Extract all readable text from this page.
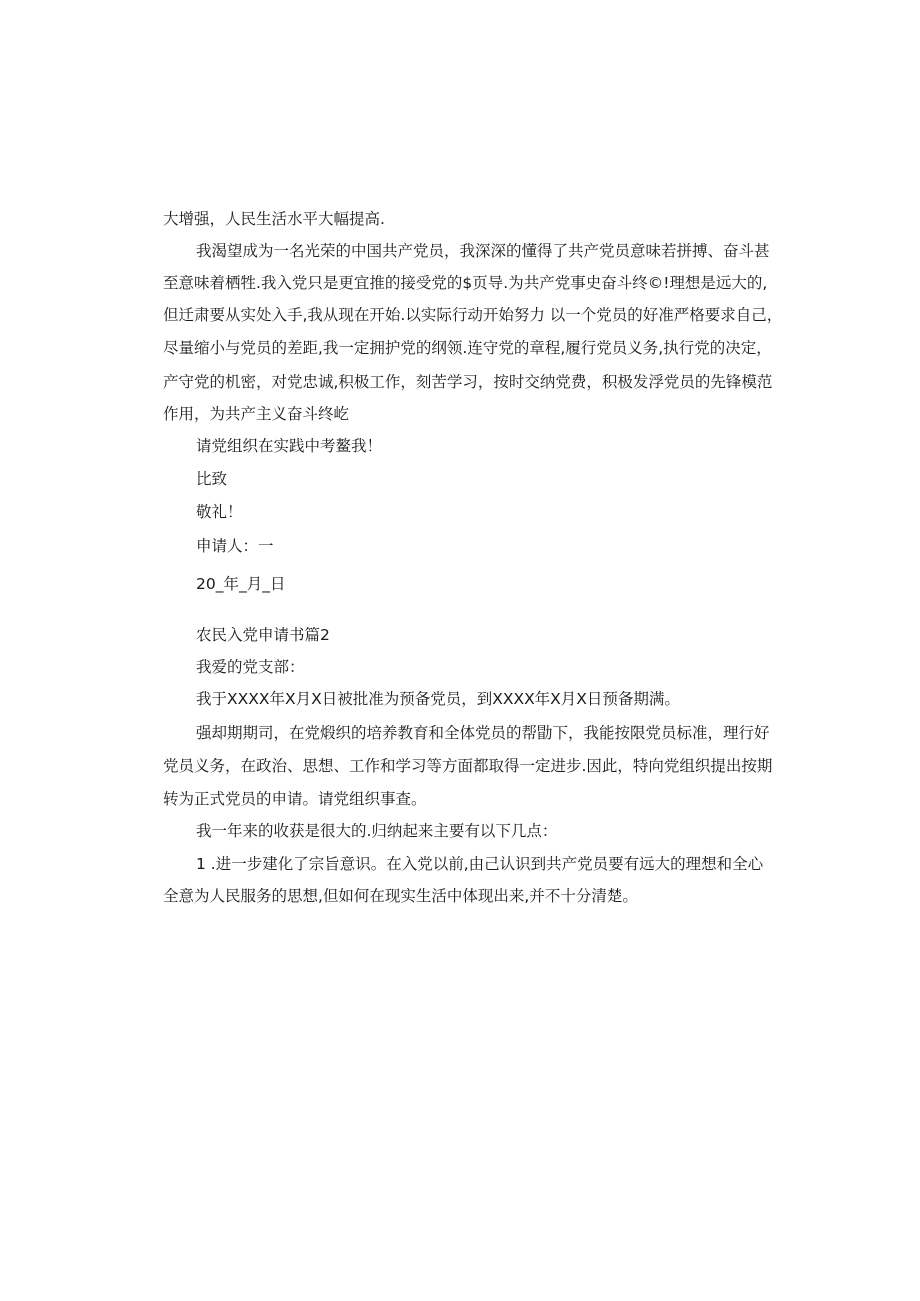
大增强，人民生活水平大幅提高.
我渴望成为一名光荣的中国共产党员，我深深的懂得了共产党员意味若拼搏、奋斗甚
至意味着栖牲.我入党只是更宜推的接受党的$页导.为共产党事史奋斗终©!理想是远大的,
但迁肃要从实处入手,我从现在开始.以实际行动开始努力 以一个党员的好准严格要求自己，
尽量缩小与党员的差距,我一定拥护党的纲领.连守党的章程,履行党员义务,执行党的决定，
产守党的机密，对党忠诚,积极工作，刻苦学习，按时交纳党费，积极发浮党员的先锋模范
作用，为共产主义奋斗终屹
请党组织在实践中考鳌我！
比致
敬礼！
申请人：一
20_年_月_日
农民入党申请书篇2
我爱的党支部：
我于XXXX年X月X日被批准为预备党员，到XXXX年X月X日预备期满。
强却期期司，在党煅织的培养教育和全体党员的帮勖下，我能按限党员标准，理行好
党员义务，在政治、思想、工作和学习等方面都取得一定进步.因此，特向党组织提出按期
转为正式党员的申请。请党组织事查。
我一年来的收获是很大的.归纳起来主要有以下几点：
1 .进一步建化了宗旨意识。在入党以前,由己认识到共产党员要有远大的理想和全心
全意为人民服务的思想,但如何在现实生活中体现出来,并不十分清楚。
